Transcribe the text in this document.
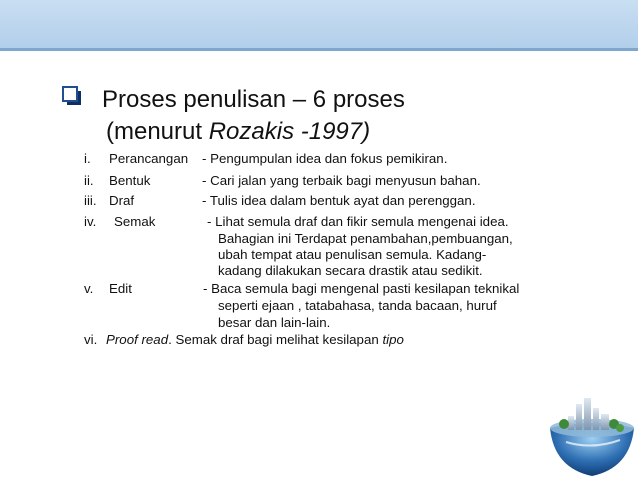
Proses penulisan – 6 proses
(menurut Rozakis -1997)
i. Perancangan - Pengumpulan idea dan fokus pemikiran.
ii. Bentuk	- Cari jalan yang terbaik bagi menyusun bahan.
iii. Draf	- Tulis idea dalam bentuk ayat dan perenggan.
iv. Semak	- Lihat semula draf dan fikir semula mengenai idea.
Bahagian ini Terdapat penambahan,pembuangan,
ubah tempat atau penulisan semula. Kadang-
kadang dilakukan secara drastik atau sedikit.
v. Edit	- Baca semula bagi mengenal pasti kesilapan teknikal
seperti ejaan , tatabahasa, tanda bacaan, huruf
besar dan lain-lain.
vi. Proof read. Semak draf bagi melihat kesilapan tipo
